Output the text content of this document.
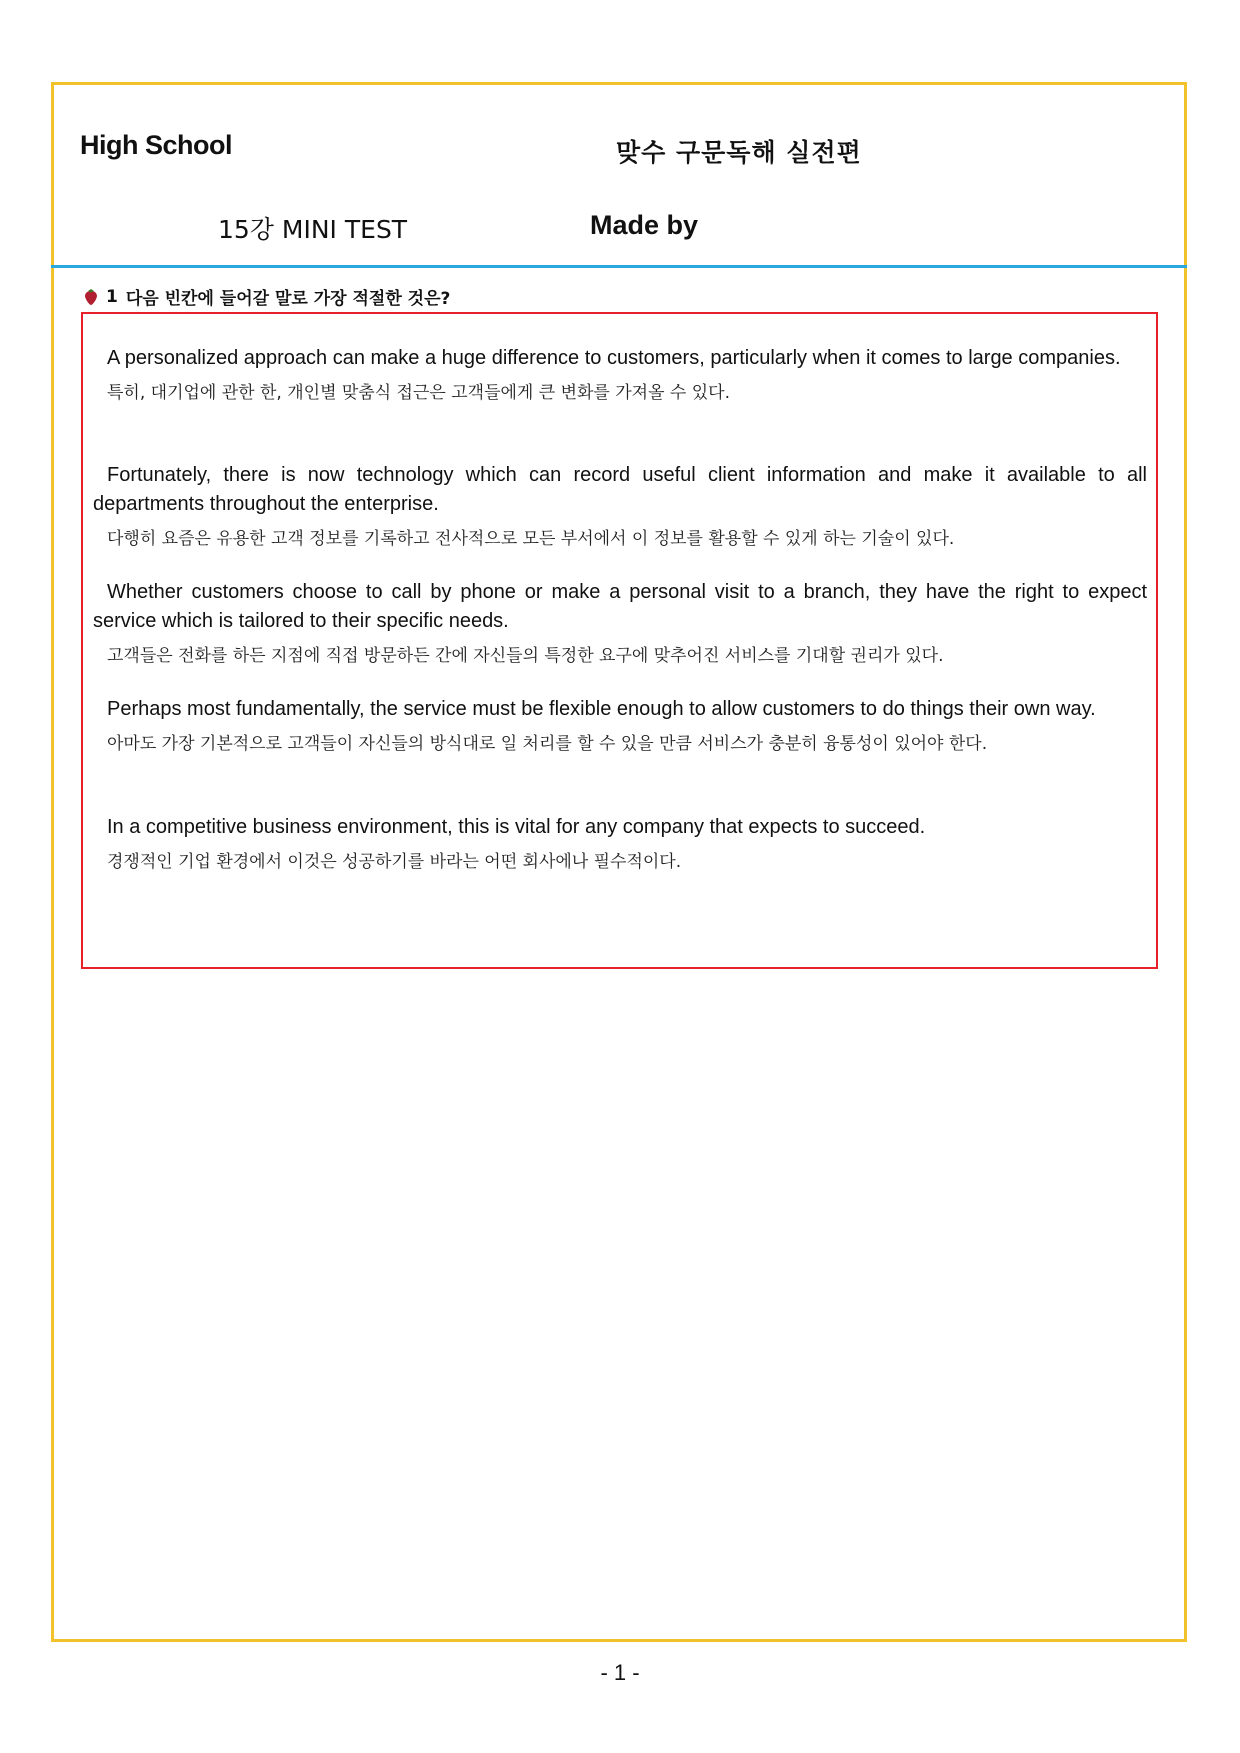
High School	맞수 구문독해 실전편
15강 MINI TEST	Made by
1 다음 빈칸에 들어갈 말로 가장 적절한 것은?

A personalized approach can make a huge difference to customers, particularly when it comes to large companies.

특히, 대기업에 관한 한, 개인별 맞춤식 접근은 고객들에게 큰 변화를 가져올 수 있다.

Fortunately, there is now technology which can record useful client information and make it available to all departments throughout the enterprise.

다행히 요즘은 유용한 고객 정보를 기록하고 전사적으로 모든 부서에서 이 정보를 활용할 수 있게 하는 기술이 있다.

Whether customers choose to call by phone or make a personal visit to a branch, they have the right to expect service which is tailored to their specific needs.

고객들은 전화를 하든 지점에 직접 방문하든 간에 자신들의 특정한 요구에 맞추어진 서비스를 기대할 권리가 있다.

Perhaps most fundamentally, the service must be flexible enough to allow customers to do things their own way.

아마도 가장 기본적으로 고객들이 자신들의 방식대로 일 처리를 할 수 있을 만큼 서비스가 충분히 융통성이 있어야 한다.

In a competitive business environment, this is vital for any company that expects to succeed.

경쟁적인 기업 환경에서 이것은 성공하기를 바라는 어떤 회사에나 필수적이다.

- 1 -
